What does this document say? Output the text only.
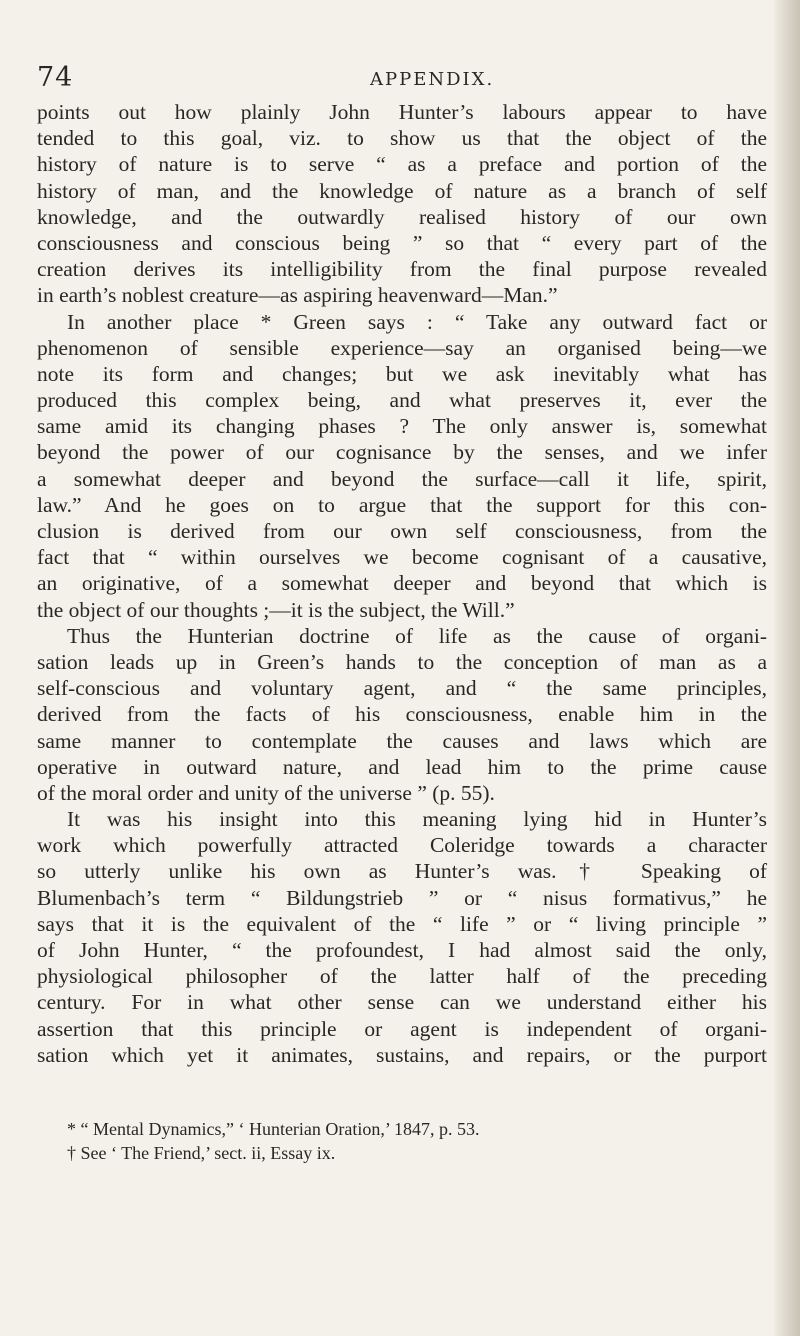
74	APPENDIX.
points out how plainly John Hunter’s labours appear to have
tended to this goal, viz. to show us that the object of the
history of nature is to serve “ as a preface and portion of the
history of man, and the knowledge of nature as a branch of self
knowledge, and the outwardly realised history of our own
consciousness and conscious being ” so that “ every part of the
creation derives its intelligibility from the final purpose revealed
in earth’s noblest creature—as aspiring heavenward—Man.”
In another place * Green says : “ Take any outward fact or
phenomenon of sensible experience—say an organised being—we
note its form and changes; but we ask inevitably what has
produced this complex being, and what preserves it, ever the
same amid its changing phases ? The only answer is, somewhat
beyond the power of our cognisance by the senses, and we infer
a somewhat deeper and beyond the surface—call it life, spirit,
law.” And he goes on to argue that the support for this con-
clusion is derived from our own self consciousness, from the
fact that “ within ourselves we become cognisant of a causative,
an originative, of a somewhat deeper and beyond that which is
the object of our thoughts ;—it is the subject, the Will.”
Thus the Hunterian doctrine of life as the cause of organi-
sation leads up in Green’s hands to the conception of man as a
self-conscious and voluntary agent, and “ the same principles,
derived from the facts of his consciousness, enable him in the
same manner to contemplate the causes and laws which are
operative in outward nature, and lead him to the prime cause
of the moral order and unity of the universe ” (p. 55).
It was his insight into this meaning lying hid in Hunter’s
work which powerfully attracted Coleridge towards a character
so utterly unlike his own as Hunter’s was.† Speaking of
Blumenbach’s term “ Bildungstrieb ” or “ nisus formativus,” he
says that it is the equivalent of the “ life ” or “ living principle ”
of John Hunter, “ the profoundest, I had almost said the only,
physiological philosopher of the latter half of the preceding
century. For in what other sense can we understand either his
assertion that this principle or agent is independent of organi-
sation which yet it animates, sustains, and repairs, or the purport
* “ Mental Dynamics,” ‘ Hunterian Oration,’ 1847, p. 53.
† See ‘ The Friend,’ sect. ii, Essay ix.
